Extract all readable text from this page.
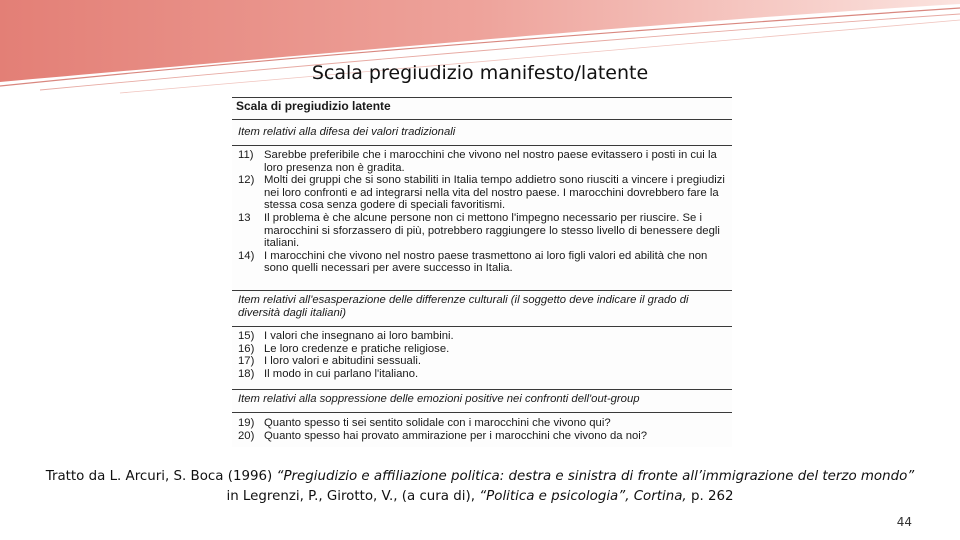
Scala pregiudizio manifesto/latente
Scala di pregiudizio latente
Item relativi alla difesa dei valori tradizionali
11) Sarebbe preferibile che i marocchini che vivono nel nostro paese evitassero i posti in cui la loro presenza non è gradita.
12) Molti dei gruppi che si sono stabiliti in Italia tempo addietro sono riusciti a vincere i pregiudizi nei loro confronti e ad integrarsi nella vita del nostro paese. I marocchini dovrebbero fare la stessa cosa senza godere di speciali favoritismi.
13 Il problema è che alcune persone non ci mettono l'impegno necessario per riuscire. Se i marocchini si sforzassero di più, potrebbero raggiungere lo stesso livello di benessere degli italiani.
14) I marocchini che vivono nel nostro paese trasmettono ai loro figli valori ed abilità che non sono quelli necessari per avere successo in Italia.
Item relativi all'esasperazione delle differenze culturali (il soggetto deve indicare il grado di diversità dagli italiani)
15) I valori che insegnano ai loro bambini.
16) Le loro credenze e pratiche religiose.
17) I loro valori e abitudini sessuali.
18) Il modo in cui parlano l'italiano.
Item relativi alla soppressione delle emozioni positive nei confronti dell'out-group
19) Quanto spesso ti sei sentito solidale con i marocchini che vivono qui?
20) Quanto spesso hai provato ammirazione per i marocchini che vivono da noi?
Tratto da L. Arcuri, S. Boca (1996) “Pregiudizio e affiliazione politica: destra e sinistra di fronte all’immigrazione del terzo mondo” in Legrenzi, P., Girotto, V., (a cura di), “Politica e psicologia”, Cortina, p. 262
44
